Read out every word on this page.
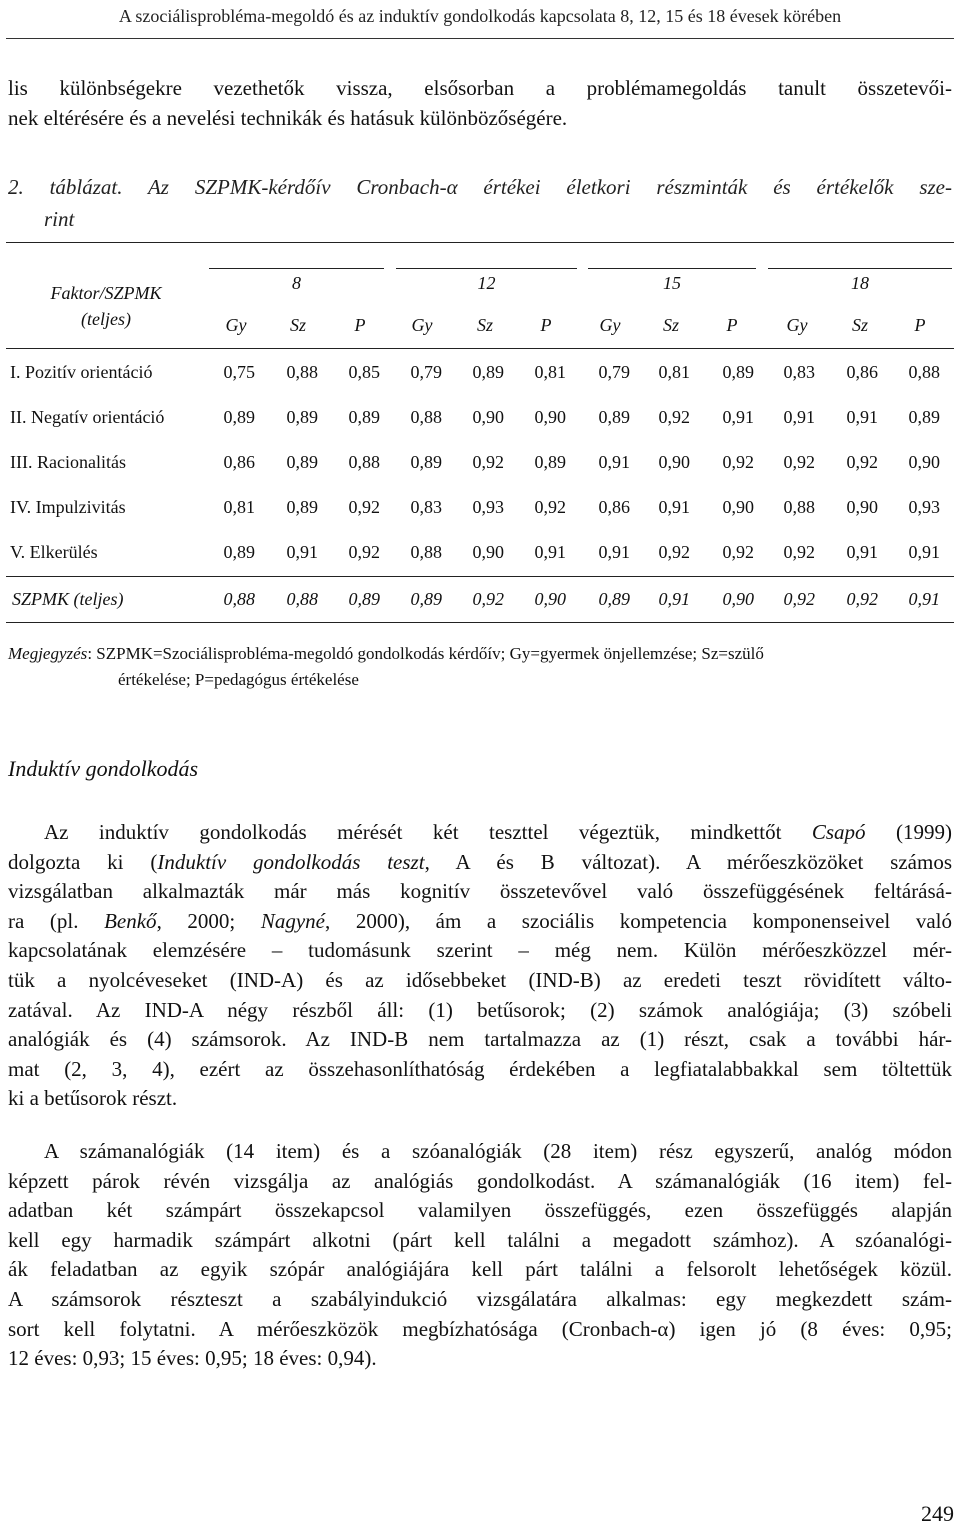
A szociálisprobléma-megoldó és az induktív gondolkodás kapcsolata 8, 12, 15 és 18 évesek körében
lis különbségekre vezethetők vissza, elsősorban a problémamegoldás tanult összetevői-
nek eltérésére és a nevelési technikák és hatásuk különbözőségére.
2. táblázat. Az SZPMK-kérdőív Cronbach-α értékei életkori részminták és értékelők sze-
rint
8	12	15	18
Faktor/SZPMK
(teljes)	Gy	Sz	P	Gy	Sz	P	Gy	Sz	P	Gy	Sz	P
I. Pozitív orientáció	0,75	0,88	0,85	0,79	0,89	0,81	0,79	0,81	0,89	0,83	0,86	0,88
II. Negatív orientáció	0,89	0,89	0,89	0,88	0,90	0,90	0,89	0,92	0,91	0,91	0,91	0,89
III. Racionalitás	0,86	0,89	0,88	0,89	0,92	0,89	0,91	0,90	0,92	0,92	0,92	0,90
IV. Impulzivitás	0,81	0,89	0,92	0,83	0,93	0,92	0,86	0,91	0,90	0,88	0,90	0,93
V. Elkerülés	0,89	0,91	0,92	0,88	0,90	0,91	0,91	0,92	0,92	0,92	0,91	0,91
SZPMK (teljes)	0,88	0,88	0,89	0,89	0,92	0,90	0,89	0,91	0,90	0,92	0,92	0,91
Megjegyzés: SZPMK=Szociálisprobléma-megoldó gondolkodás kérdőív; Gy=gyermek önjellemzése; Sz=szülő
értékelése; P=pedagógus értékelése
Induktív gondolkodás
Az induktív gondolkodás mérését két teszttel végeztük, mindkettőt Csapó (1999)
dolgozta ki (Induktív gondolkodás teszt, A és B változat). A mérőeszközöket számos
vizsgálatban alkalmazták már más kognitív összetevővel való összefüggésének feltárásá-
ra (pl. Benkő, 2000; Nagyné, 2000), ám a szociális kompetencia komponenseivel való
kapcsolatának elemzésére – tudomásunk szerint – még nem. Külön mérőeszközzel mér-
tük a nyolcéveseket (IND-A) és az idősebbeket (IND-B) az eredeti teszt rövidített válto-
zatával. Az IND-A négy részből áll: (1) betűsorok; (2) számok analógiája; (3) szóbeli
analógiák és (4) számsorok. Az IND-B nem tartalmazza az (1) részt, csak a további hár-
mat (2, 3, 4), ezért az összehasonlíthatóság érdekében a legfiatalabbakkal sem töltettük
ki a betűsorok részt.
A számanalógiák (14 item) és a szóanalógiák (28 item) rész egyszerű, analóg módon
képzett párok révén vizsgálja az analógiás gondolkodást. A számanalógiák (16 item) fel-
adatban két számpárt összekapcsol valamilyen összefüggés, ezen összefüggés alapján
kell egy harmadik számpárt alkotni (párt kell találni a megadott számhoz). A szóanalógi-
ák feladatban az egyik szópár analógiájára kell párt találni a felsorolt lehetőségek közül.
A számsorok részteszt a szabályindukció vizsgálatára alkalmas: egy megkezdett szám-
sort kell folytatni. A mérőeszközök megbízhatósága (Cronbach-α) igen jó (8 éves: 0,95;
12 éves: 0,93; 15 éves: 0,95; 18 éves: 0,94).
249
